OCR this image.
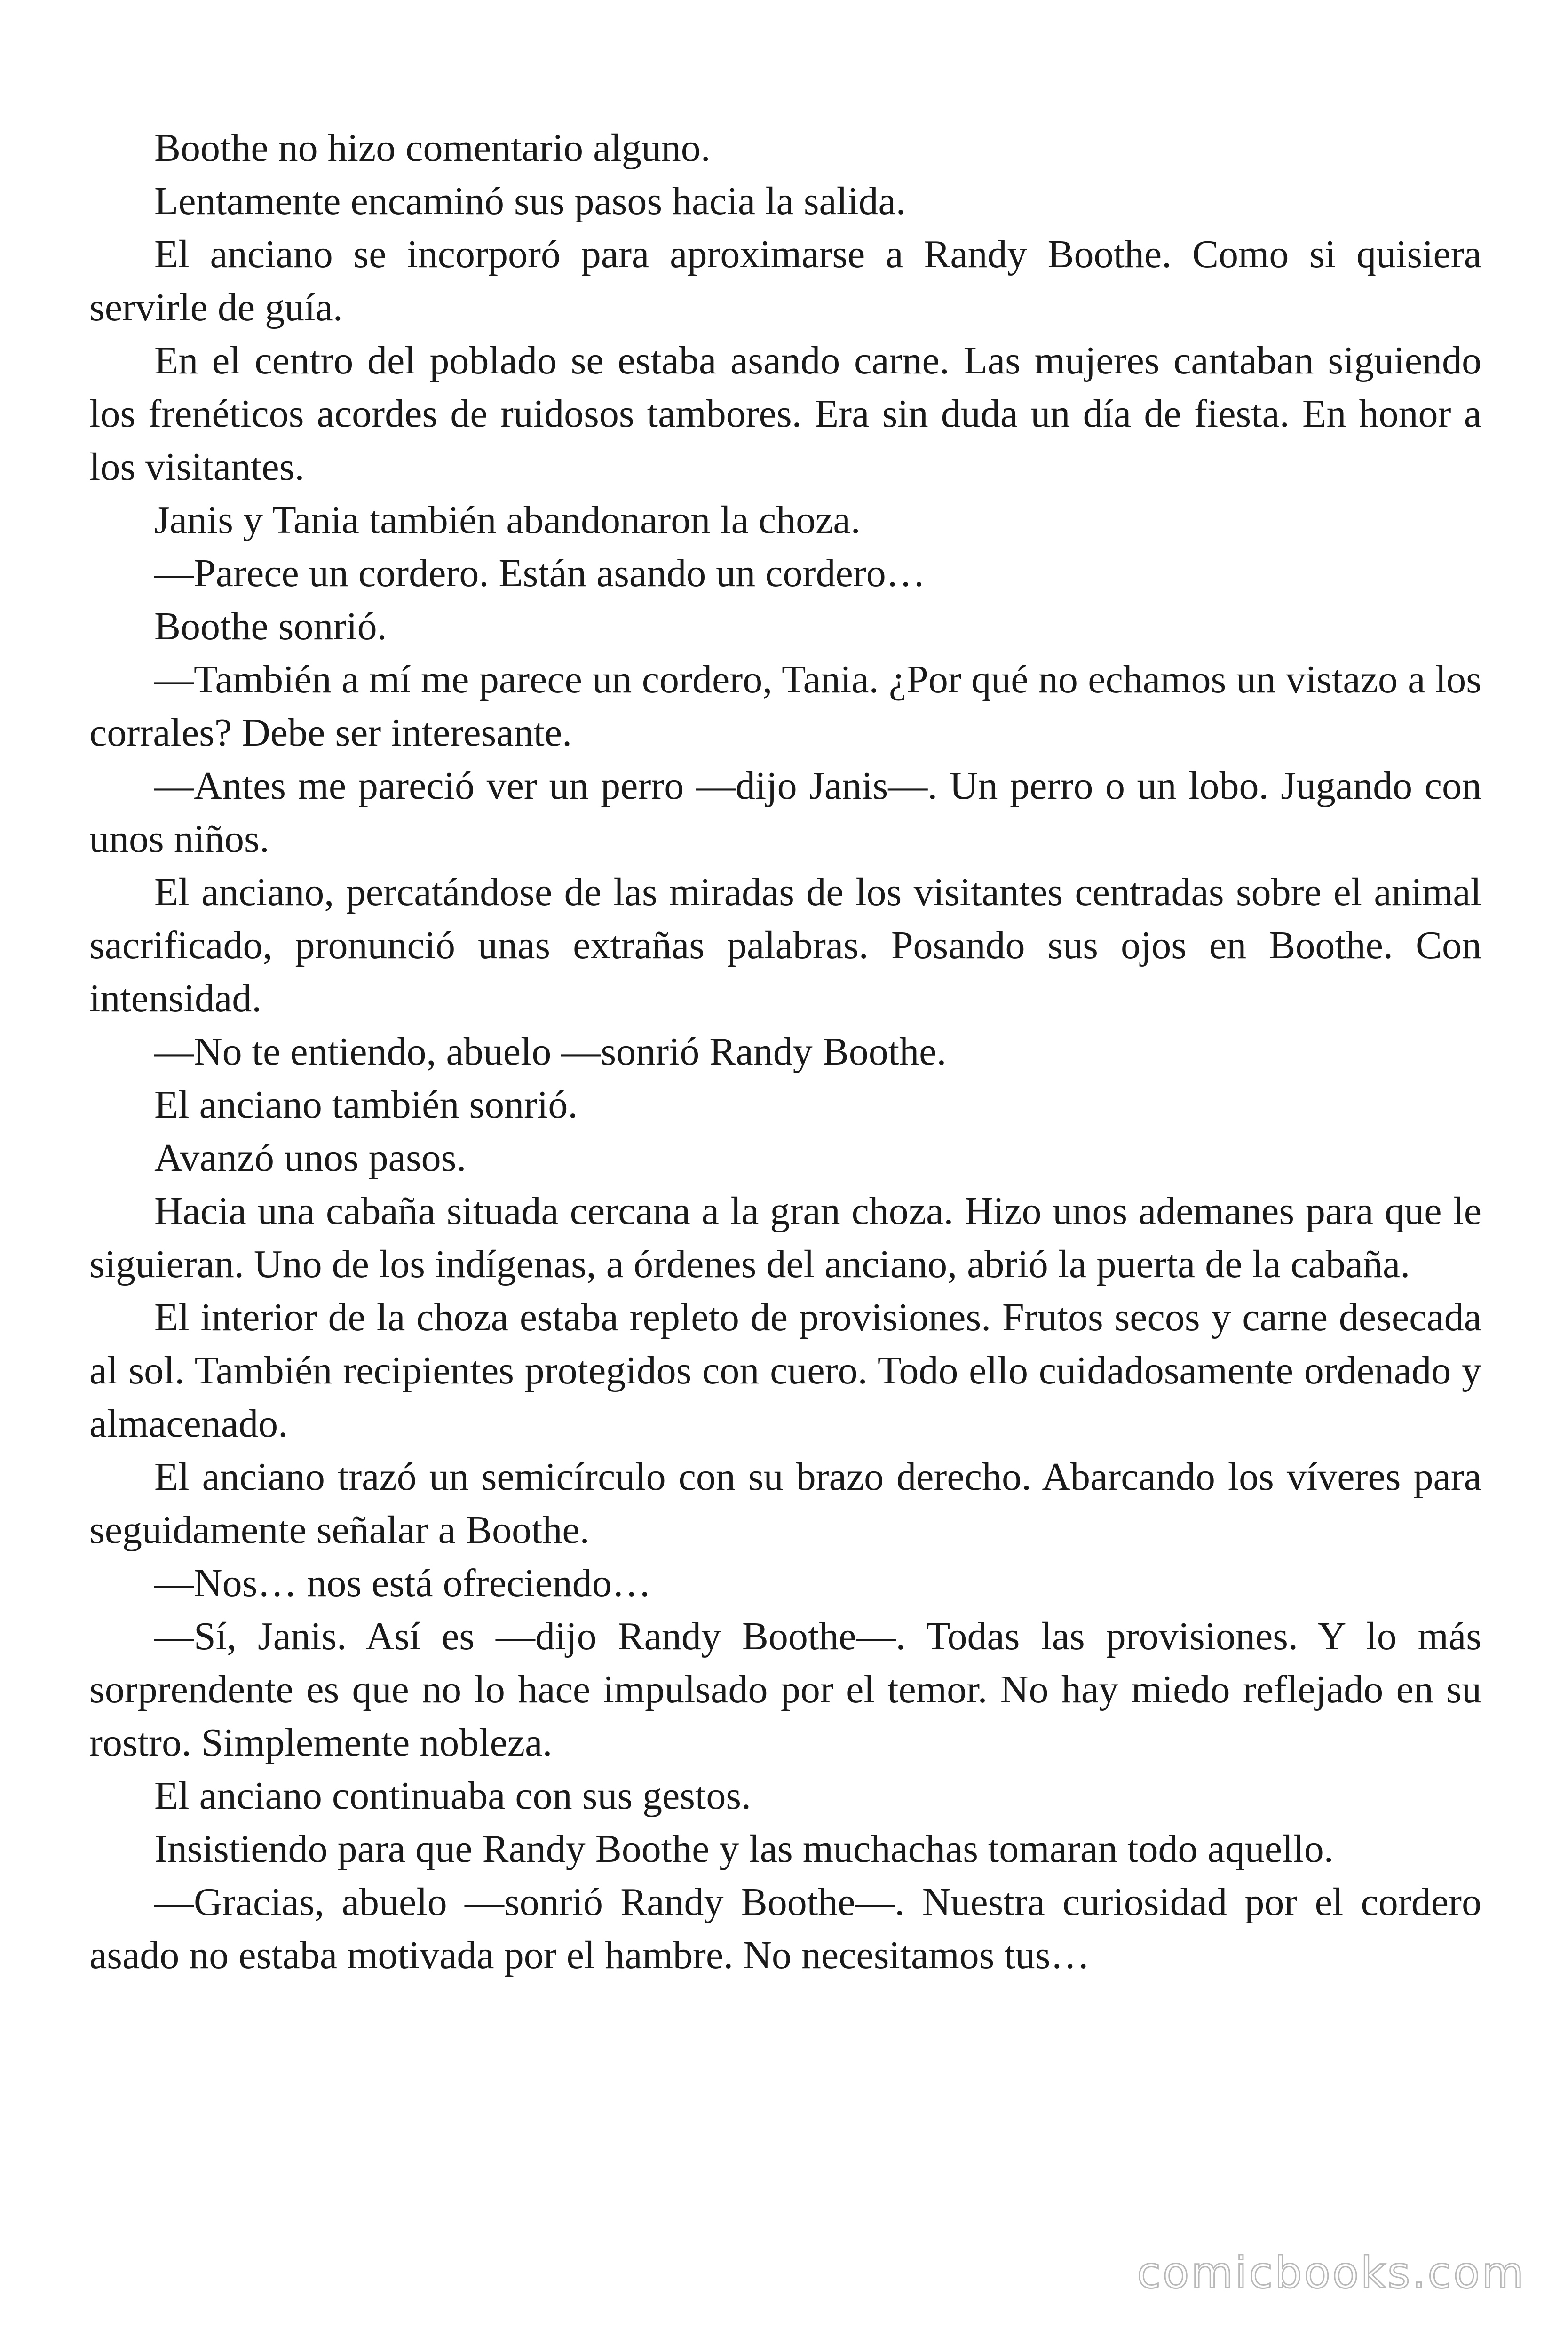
Boothe no hizo comentario alguno.

Lentamente encaminó sus pasos hacia la salida.

El anciano se incorporó para aproximarse a Randy Boothe. Como si quisiera servirle de guía.

En el centro del poblado se estaba asando carne. Las mujeres cantaban siguiendo los frenéticos acordes de ruidosos tambores. Era sin duda un día de fiesta. En honor a los visitantes.

Janis y Tania también abandonaron la choza.

—Parece un cordero. Están asando un cordero…

Boothe sonrió.

—También a mí me parece un cordero, Tania. ¿Por qué no echamos un vistazo a los corrales? Debe ser interesante.

—Antes me pareció ver un perro —dijo Janis—. Un perro o un lobo. Jugando con unos niños.

El anciano, percatándose de las miradas de los visitantes centradas sobre el animal sacrificado, pronunció unas extrañas palabras. Posando sus ojos en Boothe. Con intensidad.

—No te entiendo, abuelo —sonrió Randy Boothe.

El anciano también sonrió.

Avanzó unos pasos.

Hacia una cabaña situada cercana a la gran choza. Hizo unos ademanes para que le siguieran. Uno de los indígenas, a órdenes del anciano, abrió la puerta de la cabaña.

El interior de la choza estaba repleto de provisiones. Frutos secos y carne desecada al sol. También recipientes protegidos con cuero. Todo ello cuidadosamente ordenado y almacenado.

El anciano trazó un semicírculo con su brazo derecho. Abarcando los víveres para seguidamente señalar a Boothe.

—Nos… nos está ofreciendo…

—Sí, Janis. Así es —dijo Randy Boothe—. Todas las provisiones. Y lo más sorprendente es que no lo hace impulsado por el temor. No hay miedo reflejado en su rostro. Simplemente nobleza.

El anciano continuaba con sus gestos.

Insistiendo para que Randy Boothe y las muchachas tomaran todo aquello.

—Gracias, abuelo —sonrió Randy Boothe—. Nuestra curiosidad por el cordero asado no estaba motivada por el hambre. No necesitamos tus…

comicbooks.com
